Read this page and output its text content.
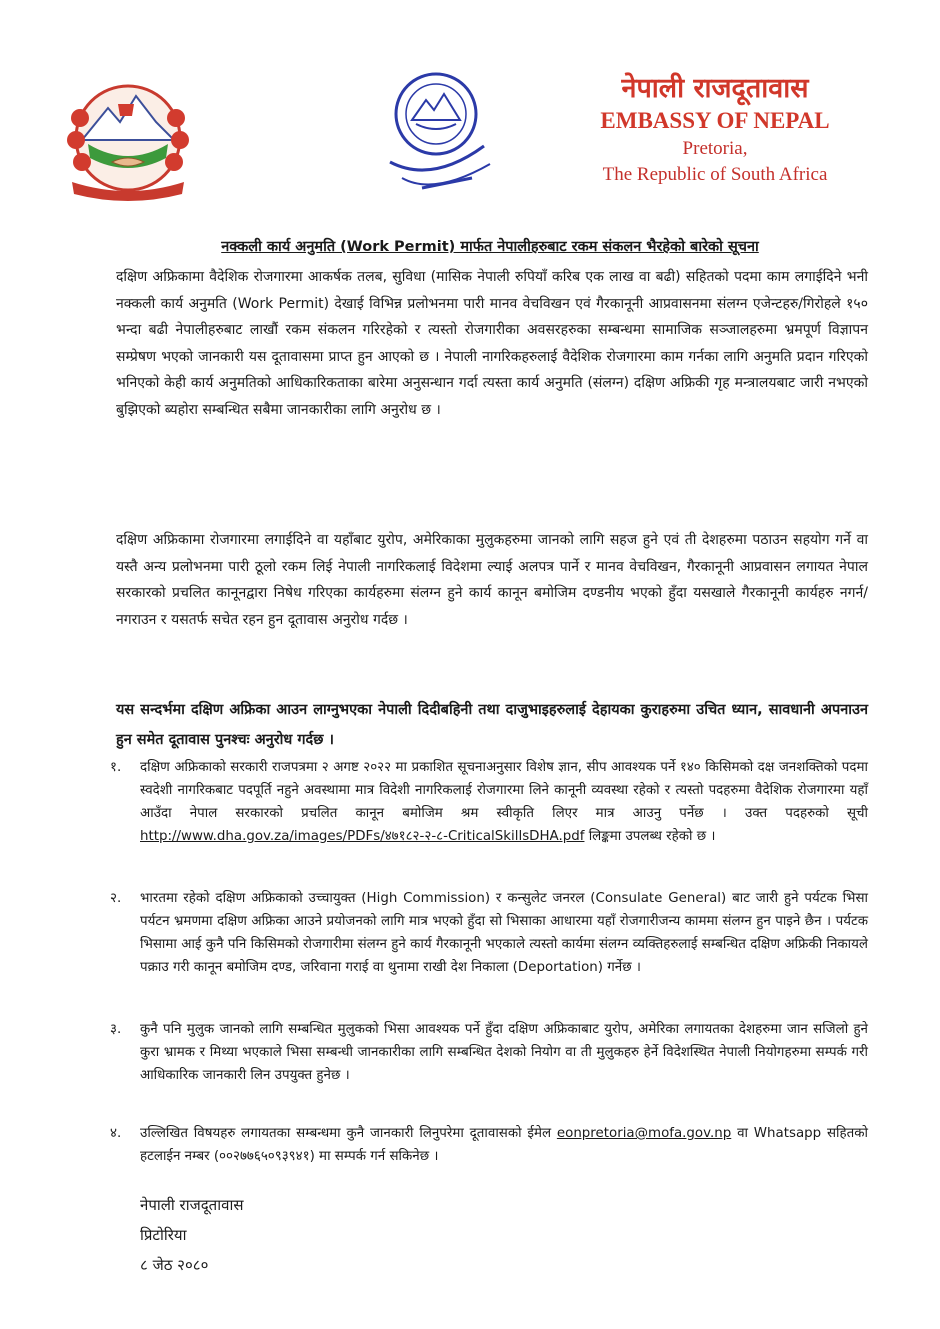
नेपाली राजदूतावास
EMBASSY OF NEPAL
Pretoria,
The Republic of South Africa
नक्कली कार्य अनुमति (Work Permit) मार्फत नेपालीहरुबाट रकम संकलन भैरहेको बारेको सूचना

दक्षिण अफ्रिकामा वैदेशिक रोजगारमा आकर्षक तलब, सुविधा (मासिक नेपाली रुपियाँ करिब एक लाख वा बढी) सहितको पदमा काम लगाईदिने भनी नक्कली कार्य अनुमति (Work Permit) देखाई विभिन्न प्रलोभनमा पारी मानव वेचविखन एवं गैरकानूनी आप्रवासनमा संलग्न एजेन्टहरु/गिरोहले १५० भन्दा बढी नेपालीहरुबाट लाखौं रकम संकलन गरिरहेको र त्यस्तो रोजगारीका अवसरहरुका सम्बन्धमा सामाजिक सञ्जालहरुमा भ्रमपूर्ण विज्ञापन सम्प्रेषण भएको जानकारी यस दूतावासमा प्राप्त हुन आएको छ । नेपाली नागरिकहरुलाई वैदेशिक रोजगारमा काम गर्नका लागि अनुमति प्रदान गरिएको भनिएको केही कार्य अनुमतिको आधिकारिकताका बारेमा अनुसन्धान गर्दा त्यस्ता कार्य अनुमति (संलग्न) दक्षिण अफ्रिकी गृह मन्त्रालयबाट जारी नभएको बुझिएको ब्यहोरा सम्बन्धित सबैमा जानकारीका लागि अनुरोध छ ।

दक्षिण अफ्रिकामा रोजगारमा लगाईदिने वा यहाँबाट युरोप, अमेरिकाका मुलुकहरुमा जानको लागि सहज हुने एवं ती देशहरुमा पठाउन सहयोग गर्ने वा यस्तै अन्य प्रलोभनमा पारी ठूलो रकम लिई नेपाली नागरिकलाई विदेशमा ल्याई अलपत्र पार्ने र मानव वेचविखन, गैरकानूनी आप्रवासन लगायत नेपाल सरकारको प्रचलित कानूनद्वारा निषेध गरिएका कार्यहरुमा संलग्न हुने कार्य कानून बमोजिम दण्डनीय भएको हुँदा यसखाले गैरकानूनी कार्यहरु नगर्न/नगराउन र यसतर्फ सचेत रहन हुन दूतावास अनुरोध गर्दछ ।

यस सन्दर्भमा दक्षिण अफ्रिका आउन लाग्नुभएका नेपाली दिदीबहिनी तथा दाजुभाइहरुलाई देहायका कुराहरुमा उचित ध्यान, सावधानी अपनाउन हुन समेत दूतावास पुनश्चः अनुरोध गर्दछ ।

१.	दक्षिण अफ्रिकाको सरकारी राजपत्रमा २ अगष्ट २०२२ मा प्रकाशित सूचनाअनुसार विशेष ज्ञान, सीप आवश्यक पर्ने १४० किसिमको दक्ष जनशक्तिको पदमा स्वदेशी नागरिकबाट पदपूर्ति नहुने अवस्थामा मात्र विदेशी नागरिकलाई रोजगारमा लिने कानूनी व्यवस्था रहेको र त्यस्तो पदहरुमा वैदेशिक रोजगारमा यहाँ आउँदा नेपाल सरकारको प्रचलित कानून बमोजिम श्रम स्वीकृति लिएर मात्र आउनु पर्नेछ । उक्त पदहरुको सूची http://www.dha.gov.za/images/PDFs/४७१८२-२-८-CriticalSkillsDHA.pdf लिङ्कमा उपलब्ध रहेको छ ।
२.	भारतमा रहेको दक्षिण अफ्रिकाको उच्चायुक्त (High Commission) र कन्सुलेट जनरल (Consulate General) बाट जारी हुने पर्यटक भिसा पर्यटन भ्रमणमा दक्षिण अफ्रिका आउने प्रयोजनको लागि मात्र भएको हुँदा सो भिसाका आधारमा यहाँ रोजगारीजन्य काममा संलग्न हुन पाइने छैन । पर्यटक भिसामा आई कुनै पनि किसिमको रोजगारीमा संलग्न हुने कार्य गैरकानूनी भएकाले त्यस्तो कार्यमा संलग्न व्यक्तिहरुलाई सम्बन्धित दक्षिण अफ्रिकी निकायले पक्राउ गरी कानून बमोजिम दण्ड, जरिवाना गराई वा थुनामा राखी देश निकाला (Deportation) गर्नेछ ।
३.	कुनै पनि मुलुक जानको लागि सम्बन्धित मुलुकको भिसा आवश्यक पर्ने हुँदा दक्षिण अफ्रिकाबाट युरोप, अमेरिका लगायतका देशहरुमा जान सजिलो हुने कुरा भ्रामक र मिथ्या भएकाले भिसा सम्बन्धी जानकारीका लागि सम्बन्धित देशको नियोग वा ती मुलुकहरु हेर्ने विदेशस्थित नेपाली नियोगहरुमा सम्पर्क गरी आधिकारिक जानकारी लिन उपयुक्त हुनेछ ।
४.	उल्लिखित विषयहरु लगायतका सम्बन्धमा कुनै जानकारी लिनुपरेमा दूतावासको ईमेल eonpretoria@mofa.gov.np वा Whatsapp सहितको हटलाईन नम्बर (००२७७६५०९३९४१) मा सम्पर्क गर्न सकिनेछ ।
नेपाली राजदूतावास
प्रिटोरिया
८ जेठ २०८०
